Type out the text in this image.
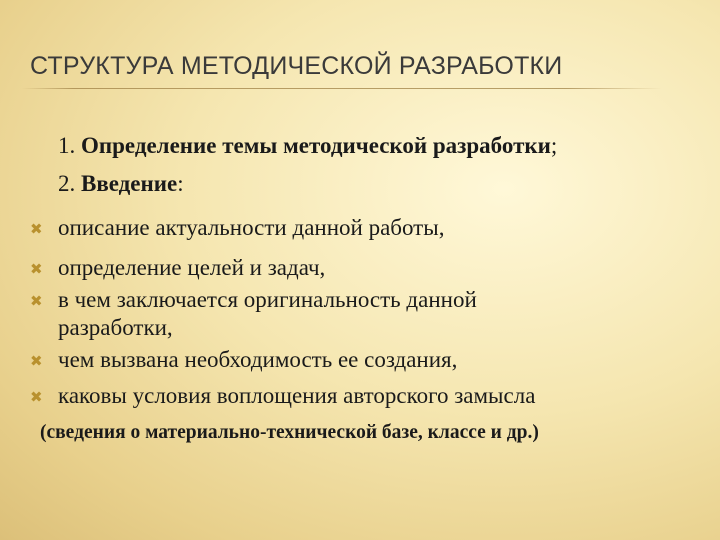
СТРУКТУРА МЕТОДИЧЕСКОЙ РАЗРАБОТКИ
1. Определение темы методической разработки;
2. Введение:
✖ описание актуальности данной работы,
✖ определение целей и задач,
✖ в чем заключается оригинальность данной
разработки,
✖ чем вызвана необходимость ее создания,
✖ каковы условия воплощения авторского замысла
(сведения о материально-технической базе, классе и др.)
